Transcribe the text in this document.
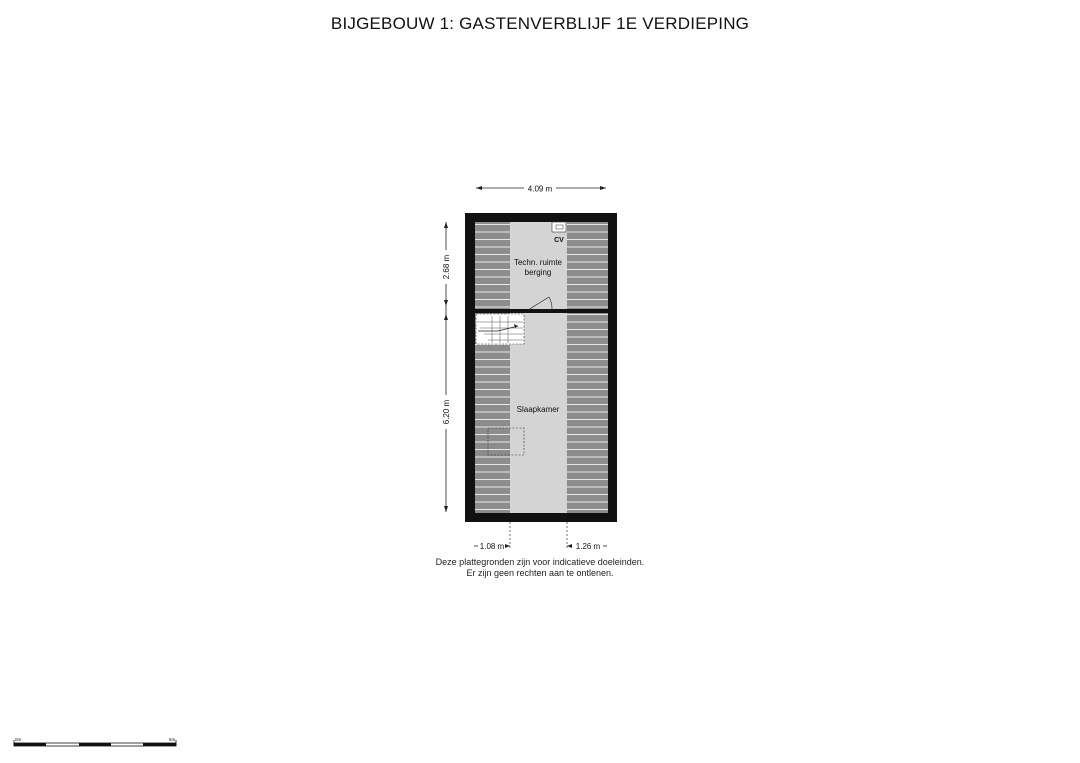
BIJGEBOUW 1: GASTENVERBLIJF 1E VERDIEPING
4.09 m
2.68 m
6.20 m
CV
Techn. ruimte
berging
Slaapkamer
1.08 m	1.26 m
0m	5m
Deze plattegronden zijn voor indicatieve doeleinden.
Er zijn geen rechten aan te ontlenen.
